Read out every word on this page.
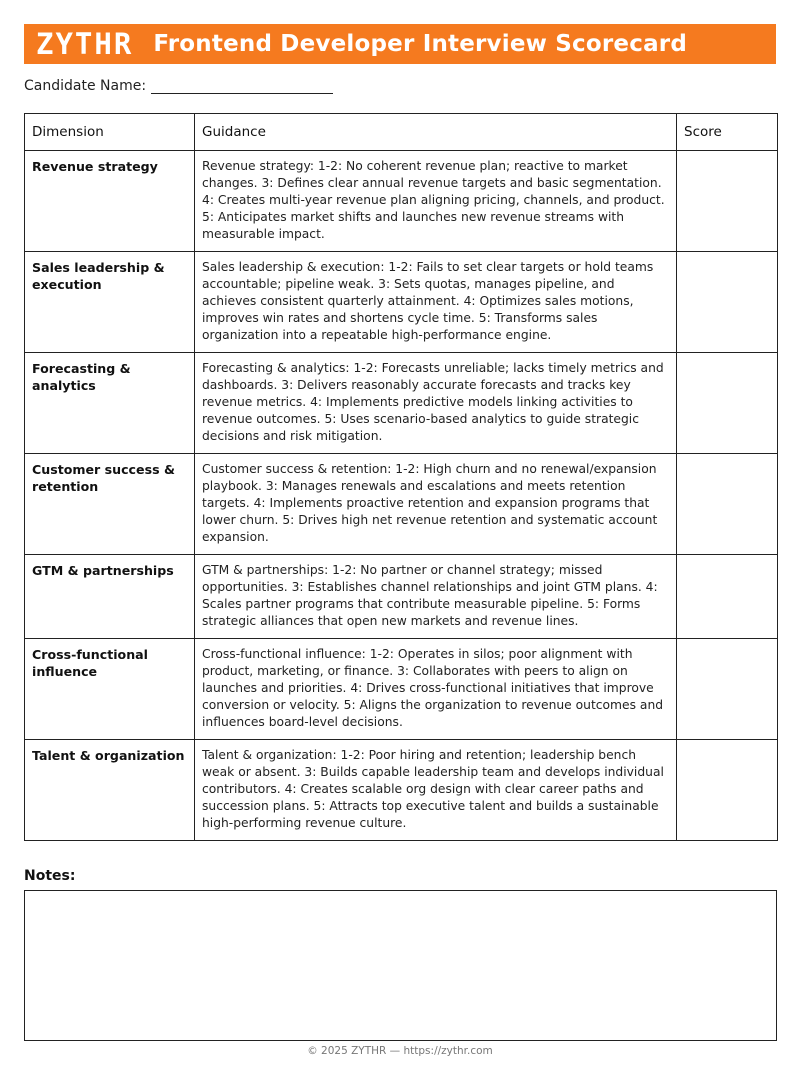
ZYTHR Frontend Developer Interview Scorecard
Candidate Name:
Dimension	Guidance	Score
Revenue strategy	Revenue strategy: 1-2: No coherent revenue plan; reactive to market changes. 3: Defines clear annual revenue targets and basic segmentation. 4: Creates multi-year revenue plan aligning pricing, channels, and product. 5: Anticipates market shifts and launches new revenue streams with measurable impact.	
Sales leadership & execution	Sales leadership & execution: 1-2: Fails to set clear targets or hold teams accountable; pipeline weak. 3: Sets quotas, manages pipeline, and achieves consistent quarterly attainment. 4: Optimizes sales motions, improves win rates and shortens cycle time. 5: Transforms sales organization into a repeatable high-performance engine.	
Forecasting & analytics	Forecasting & analytics: 1-2: Forecasts unreliable; lacks timely metrics and dashboards. 3: Delivers reasonably accurate forecasts and tracks key revenue metrics. 4: Implements predictive models linking activities to revenue outcomes. 5: Uses scenario-based analytics to guide strategic decisions and risk mitigation.	
Customer success & retention	Customer success & retention: 1-2: High churn and no renewal/expansion playbook. 3: Manages renewals and escalations and meets retention targets. 4: Implements proactive retention and expansion programs that lower churn. 5: Drives high net revenue retention and systematic account expansion.	
GTM & partnerships	GTM & partnerships: 1-2: No partner or channel strategy; missed opportunities. 3: Establishes channel relationships and joint GTM plans. 4: Scales partner programs that contribute measurable pipeline. 5: Forms strategic alliances that open new markets and revenue lines.	
Cross-functional influence	Cross-functional influence: 1-2: Operates in silos; poor alignment with product, marketing, or finance. 3: Collaborates with peers to align on launches and priorities. 4: Drives cross-functional initiatives that improve conversion or velocity. 5: Aligns the organization to revenue outcomes and influences board-level decisions.	
Talent & organization	Talent & organization: 1-2: Poor hiring and retention; leadership bench weak or absent. 3: Builds capable leadership team and develops individual contributors. 4: Creates scalable org design with clear career paths and succession plans. 5: Attracts top executive talent and builds a sustainable high-performing revenue culture.	
Notes:
© 2025 ZYTHR — https://zythr.com
